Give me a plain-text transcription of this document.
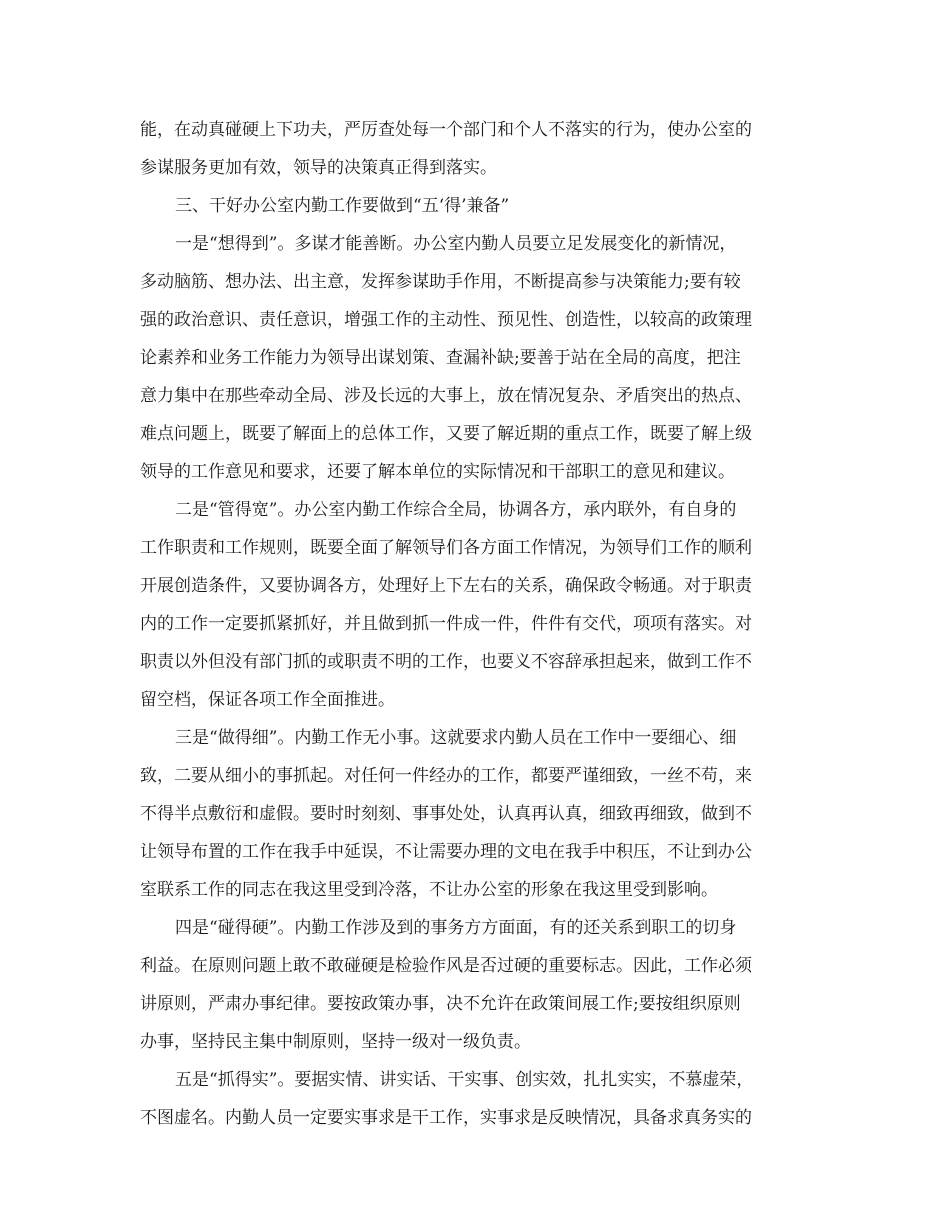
能，在动真碰硬上下功夫，严厉查处每一个部门和个人不落实的行为，使办公室的
参谋服务更加有效，领导的决策真正得到落实。
三、干好办公室内勤工作要做到“五‘得’兼备”
一是“想得到”。多谋才能善断。办公室内勤人员要立足发展变化的新情况，
多动脑筋、想办法、出主意，发挥参谋助手作用，不断提高参与决策能力;要有较
强的政治意识、责任意识，增强工作的主动性、预见性、创造性，以较高的政策理
论素养和业务工作能力为领导出谋划策、查漏补缺;要善于站在全局的高度，把注
意力集中在那些牵动全局、涉及长远的大事上，放在情况复杂、矛盾突出的热点、
难点问题上，既要了解面上的总体工作，又要了解近期的重点工作，既要了解上级
领导的工作意见和要求，还要了解本单位的实际情况和干部职工的意见和建议。
二是“管得宽”。办公室内勤工作综合全局，协调各方，承内联外，有自身的
工作职责和工作规则，既要全面了解领导们各方面工作情况，为领导们工作的顺利
开展创造条件，又要协调各方，处理好上下左右的关系，确保政令畅通。对于职责
内的工作一定要抓紧抓好，并且做到抓一件成一件，件件有交代，项项有落实。对
职责以外但没有部门抓的或职责不明的工作，也要义不容辞承担起来，做到工作不
留空档，保证各项工作全面推进。
三是“做得细”。内勤工作无小事。这就要求内勤人员在工作中一要细心、细
致，二要从细小的事抓起。对任何一件经办的工作，都要严谨细致，一丝不苟，来
不得半点敷衍和虚假。要时时刻刻、事事处处，认真再认真，细致再细致，做到不
让领导布置的工作在我手中延误，不让需要办理的文电在我手中积压，不让到办公
室联系工作的同志在我这里受到冷落，不让办公室的形象在我这里受到影响。
四是“碰得硬”。内勤工作涉及到的事务方方面面，有的还关系到职工的切身
利益。在原则问题上敢不敢碰硬是检验作风是否过硬的重要标志。因此，工作必须
讲原则，严肃办事纪律。要按政策办事，决不允许在政策间展工作;要按组织原则
办事，坚持民主集中制原则，坚持一级对一级负责。
五是“抓得实”。要据实情、讲实话、干实事、创实效，扎扎实实，不慕虚荣，
不图虚名。内勤人员一定要实事求是干工作，实事求是反映情况，具备求真务实的
